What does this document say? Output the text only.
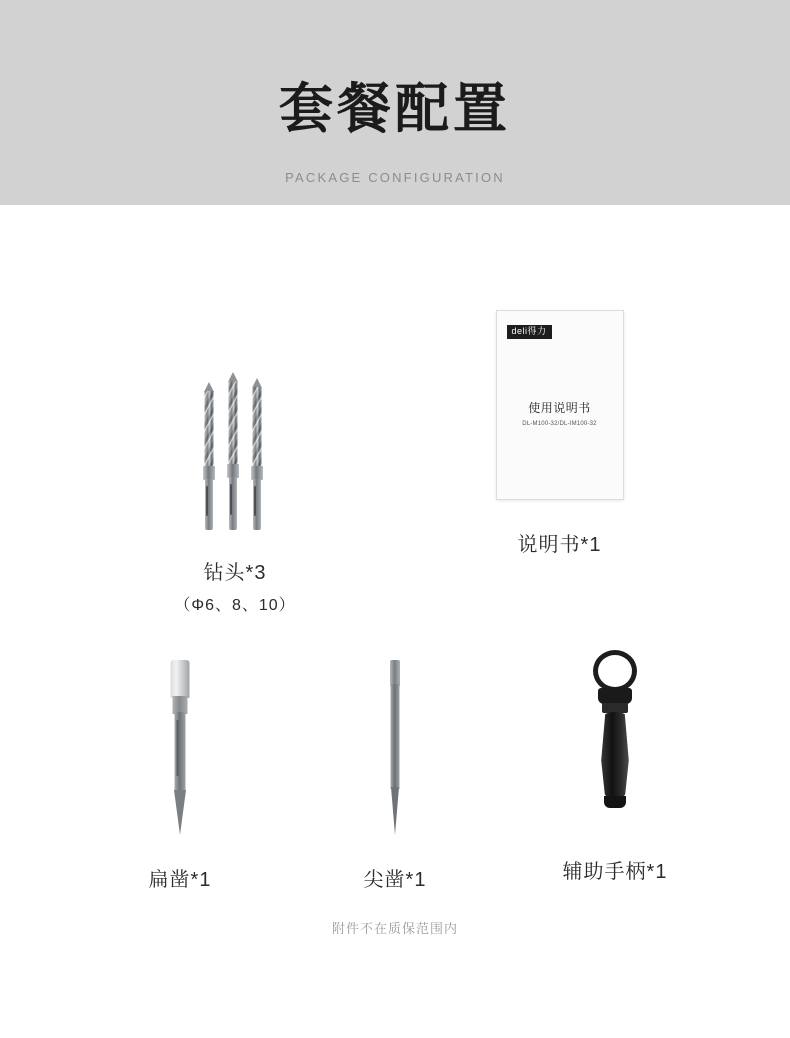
套餐配置
PACKAGE CONFIGURATION
钻头*3
（Φ6、8、10）
deli得力
使用说明书
DL-M100-32/DL-IM100-32
说明书*1
扁凿*1	尖凿*1	辅助手柄*1
附件不在质保范围内
